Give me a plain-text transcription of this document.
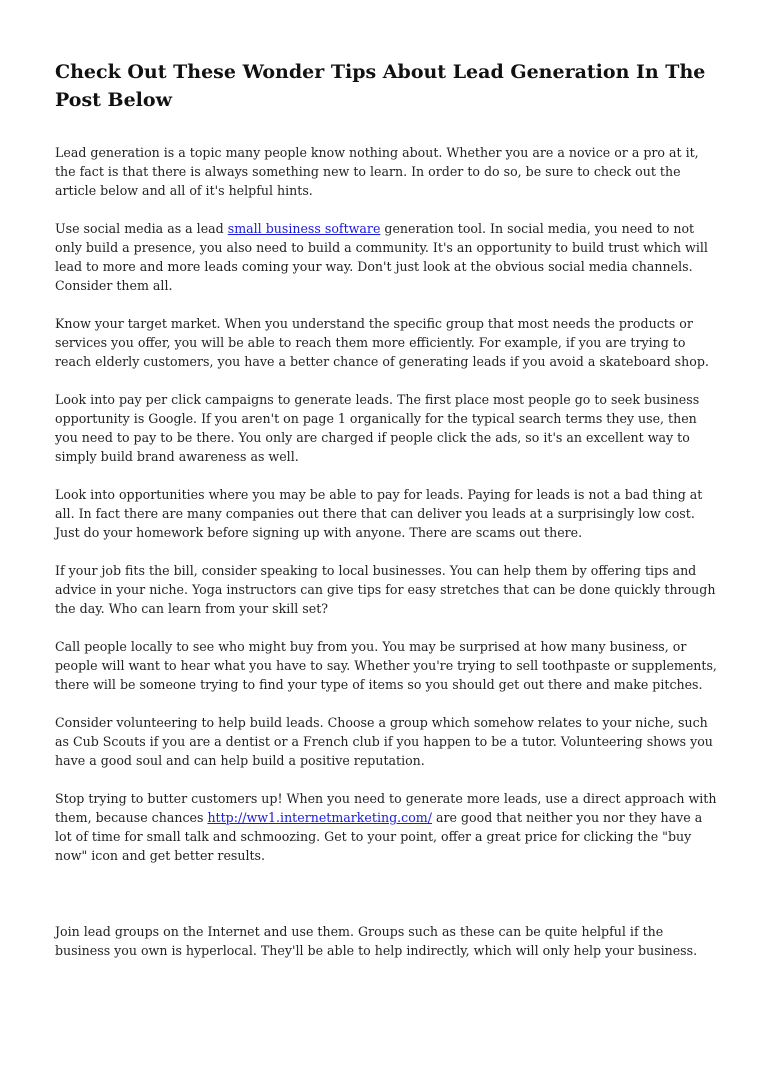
Check Out These Wonder Tips About Lead Generation In The Post Below

Lead generation is a topic many people know nothing about. Whether you are a novice or a pro at it, the fact is that there is always something new to learn. In order to do so, be sure to check out the article below and all of it's helpful hints.

Use social media as a lead small business software generation tool. In social media, you need to not only build a presence, you also need to build a community. It's an opportunity to build trust which will lead to more and more leads coming your way. Don't just look at the obvious social media channels. Consider them all.

Know your target market. When you understand the specific group that most needs the products or services you offer, you will be able to reach them more efficiently. For example, if you are trying to reach elderly customers, you have a better chance of generating leads if you avoid a skateboard shop.

Look into pay per click campaigns to generate leads. The first place most people go to seek business opportunity is Google. If you aren't on page 1 organically for the typical search terms they use, then you need to pay to be there. You only are charged if people click the ads, so it's an excellent way to simply build brand awareness as well.

Look into opportunities where you may be able to pay for leads. Paying for leads is not a bad thing at all. In fact there are many companies out there that can deliver you leads at a surprisingly low cost. Just do your homework before signing up with anyone. There are scams out there.

If your job fits the bill, consider speaking to local businesses. You can help them by offering tips and advice in your niche. Yoga instructors can give tips for easy stretches that can be done quickly through the day. Who can learn from your skill set?

Call people locally to see who might buy from you. You may be surprised at how many business, or people will want to hear what you have to say. Whether you're trying to sell toothpaste or supplements, there will be someone trying to find your type of items so you should get out there and make pitches.

Consider volunteering to help build leads. Choose a group which somehow relates to your niche, such as Cub Scouts if you are a dentist or a French club if you happen to be a tutor. Volunteering shows you have a good soul and can help build a positive reputation.

Stop trying to butter customers up! When you need to generate more leads, use a direct approach with them, because chances http://ww1.internetmarketing.com/ are good that neither you nor they have a lot of time for small talk and schmoozing. Get to your point, offer a great price for clicking the "buy now" icon and get better results.

Join lead groups on the Internet and use them. Groups such as these can be quite helpful if the business you own is hyperlocal. They'll be able to help indirectly, which will only help your business.
